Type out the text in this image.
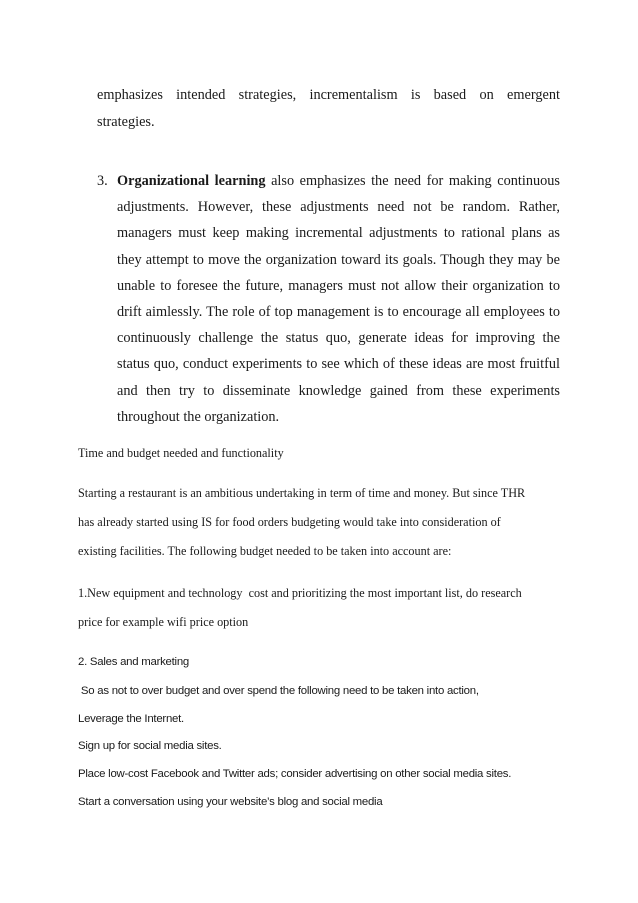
emphasizes intended strategies, incrementalism is based on emergent
strategies.
3. Organizational learning also emphasizes the need for making continuous adjustments. However, these adjustments need not be random. Rather, managers must keep making incremental adjustments to rational plans as they attempt to move the organization toward its goals. Though they may be unable to foresee the future, managers must not allow their organization to drift aimlessly. The role of top management is to encourage all employees to continuously challenge the status quo, generate ideas for improving the status quo, conduct experiments to see which of these ideas are most fruitful and then try to disseminate knowledge gained from these experiments throughout the organization.
Time and budget needed and functionality
Starting a restaurant is an ambitious undertaking in term of time and money. But since THR
has already started using IS for food orders budgeting would take into consideration of
existing facilities. The following budget needed to be taken into account are:
1.New equipment and technology  cost and prioritizing the most important list, do research
price for example wifi price option
2. Sales and marketing
So as not to over budget and over spend the following need to be taken into action,
Leverage the Internet.
Sign up for social media sites.
Place low-cost Facebook and Twitter ads; consider advertising on other social media sites.
Start a conversation using your website’s blog and social media
